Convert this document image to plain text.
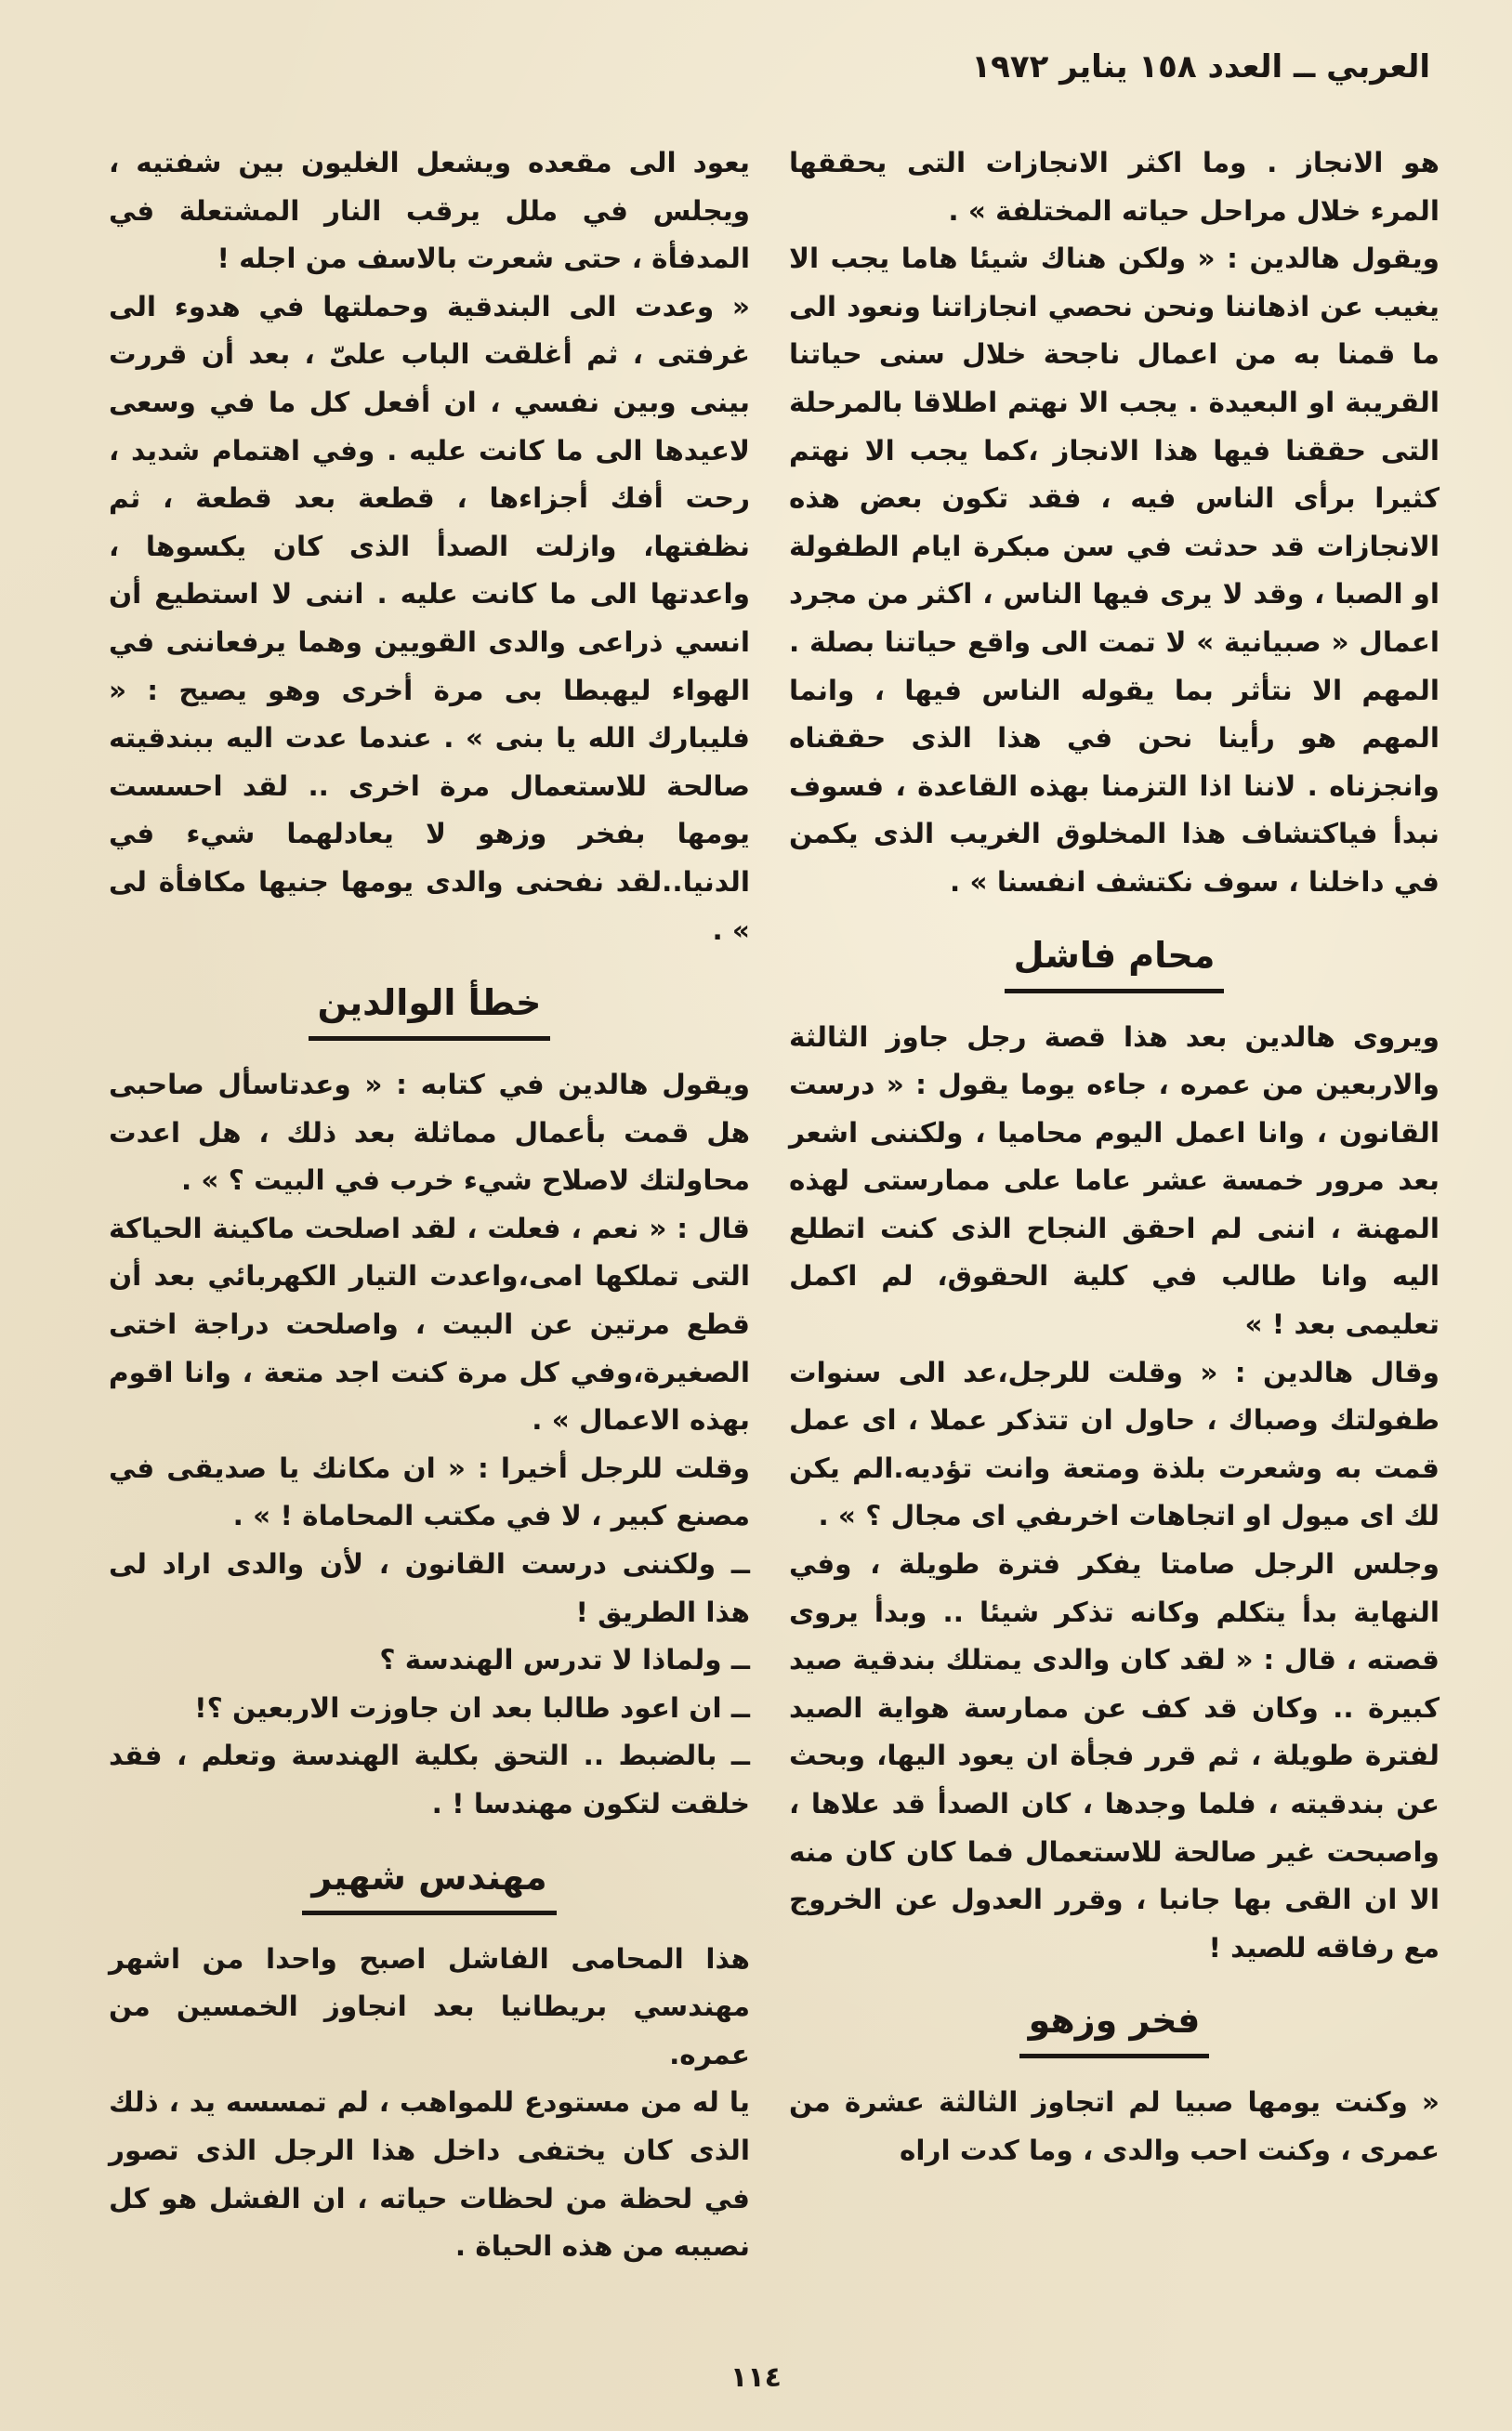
العربي ــ العدد ١٥٨ يناير ١٩٧٢

هو الانجاز . وما اكثر الانجازات التى يحققها المرء خلال مراحل حياته المختلفة » .

ويقول هالدين : « ولكن هناك شيئا هاما يجب الا يغيب عن اذهاننا ونحن نحصي انجازاتنا ونعود الى ما قمنا به من اعمال ناجحة خلال سنى حياتنا القريبة او البعيدة . يجب الا نهتم اطلاقا بالمرحلة التى حققنا فيها هذا الانجاز ،كما يجب الا نهتم كثيرا برأى الناس فيه ، فقد تكون بعض هذه الانجازات قد حدثت في سن مبكرة ايام الطفولة او الصبا ، وقد لا يرى فيها الناس ، اكثر من مجرد اعمال « صبيانية » لا تمت الى واقع حياتنا بصلة . المهم الا نتأثر بما يقوله الناس فيها ، وانما المهم هو رأينا نحن في هذا الذى حققناه وانجزناه . لاننا اذا التزمنا بهذه القاعدة ، فسوف نبدأ فياكتشاف هذا المخلوق الغريب الذى يكمن في داخلنا ، سوف نكتشف انفسنا » .

محام فاشل

ويروى هالدين بعد هذا قصة رجل جاوز الثالثة والاربعين من عمره ، جاءه يوما يقول : « درست القانون ، وانا اعمل اليوم محاميا ، ولكننى اشعر بعد مرور خمسة عشر عاما على ممارستى لهذه المهنة ، اننى لم احقق النجاح الذى كنت اتطلع اليه وانا طالب في كلية الحقوق، لم اكمل تعليمى بعد ! »

وقال هالدين : « وقلت للرجل،عد الى سنوات طفولتك وصباك ، حاول ان تتذكر عملا ، اى عمل قمت به وشعرت بلذة ومتعة وانت تؤديه.الم يكن لك اى ميول او اتجاهات اخرىفي اى مجال ؟ » .

وجلس الرجل صامتا يفكر فترة طويلة ، وفي النهاية بدأ يتكلم وكانه تذكر شيئا .. وبدأ يروى قصته ، قال : « لقد كان والدى يمتلك بندقية صيد كبيرة .. وكان قد كف عن ممارسة هواية الصيد لفترة طويلة ، ثم قرر فجأة ان يعود اليها، وبحث عن بندقيته ، فلما وجدها ، كان الصدأ قد علاها ، واصبحت غير صالحة للاستعمال فما كان كان منه الا ان القى بها جانبا ، وقرر العدول عن الخروج مع رفاقه للصيد !

فخر وزهو

« وكنت يومها صبيا لم اتجاوز الثالثة عشرة من عمرى ، وكنت احب والدى ، وما كدت اراه

يعود الى مقعده ويشعل الغليون بين شفتيه ، ويجلس في ملل يرقب النار المشتعلة في المدفأة ، حتى شعرت بالاسف من اجله !

« وعدت الى البندقية وحملتها في هدوء الى غرفتى ، ثم أغلقت الباب علىّ ، بعد أن قررت بينى وبين نفسي ، ان أفعل كل ما في وسعى لاعيدها الى ما كانت عليه . وفي اهتمام شديد ، رحت أفك أجزاءها ، قطعة بعد قطعة ، ثم نظفتها، وازلت الصدأ الذى كان يكسوها ، واعدتها الى ما كانت عليه . اننى لا استطيع أن انسي ذراعى والدى القويين وهما يرفعاننى في الهواء ليهبطا بى مرة أخرى وهو يصيح : « فليبارك الله يا بنى » . عندما عدت اليه ببندقيته صالحة للاستعمال مرة اخرى .. لقد احسست يومها بفخر وزهو لا يعادلهما شيء في الدنيا..لقد نفحنى والدى يومها جنيها مكافأة لى » .

خطأ الوالدين

ويقول هالدين في كتابه : « وعدتاسأل صاحبى هل قمت بأعمال مماثلة بعد ذلك ، هل اعدت محاولتك لاصلاح شيء خرب في البيت ؟ » .

قال : « نعم ، فعلت ، لقد اصلحت ماكينة الحياكة التى تملكها امى،واعدت التيار الكهربائي بعد أن قطع مرتين عن البيت ، واصلحت دراجة اختى الصغيرة،وفي كل مرة كنت اجد متعة ، وانا اقوم بهذه الاعمال » .

وقلت للرجل أخيرا : « ان مكانك يا صديقى في مصنع كبير ، لا في مكتب المحاماة ! » .

ــ ولكننى درست القانون ، لأن والدى اراد لى هذا الطريق !

ــ ولماذا لا تدرس الهندسة ؟

ــ ان اعود طالبا بعد ان جاوزت الاربعين ؟!

ــ بالضبط .. التحق بكلية الهندسة وتعلم ، فقد خلقت لتكون مهندسا ! .

مهندس شهير

هذا المحامى الفاشل اصبح واحدا من اشهر مهندسي بريطانيا بعد انجاوز الخمسين من عمره.

يا له من مستودع للمواهب ، لم تمسسه يد ، ذلك الذى كان يختفى داخل هذا الرجل الذى تصور في لحظة من لحظات حياته ، ان الفشل هو كل نصيبه من هذه الحياة .

١١٤
